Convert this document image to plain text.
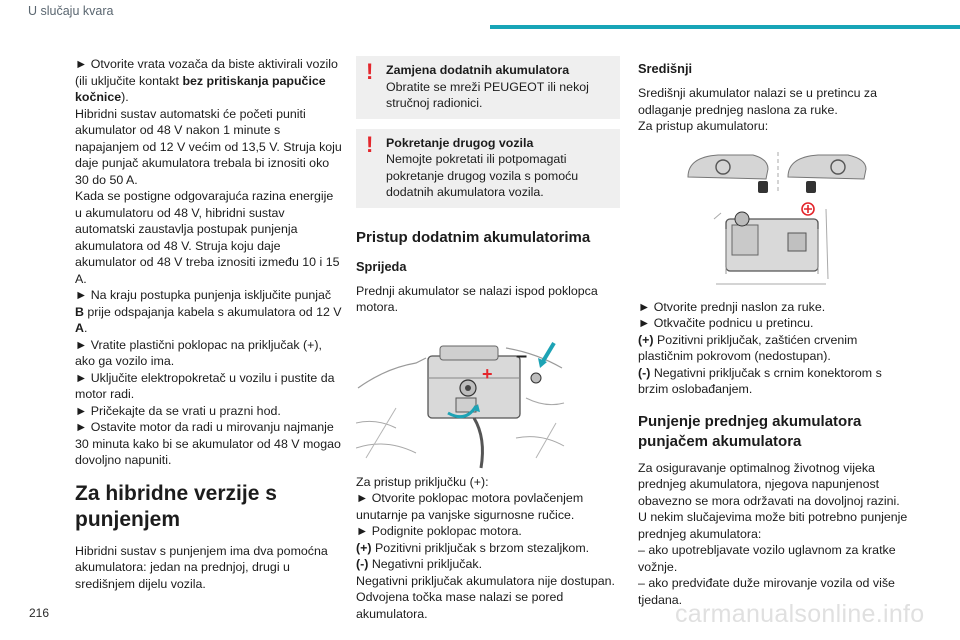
U slučaju kvara

► Otvorite vrata vozača da biste aktivirali vozilo (ili uključite kontakt bez pritiskanja papučice kočnice).

Hibridni sustav automatski će početi puniti akumulator od 48 V nakon 1 minute s napajanjem od 12 V većim od 13,5 V. Struja koju daje punjač akumulatora trebala bi iznositi oko 30 do 50 A.

Kada se postigne odgovarajuća razina energije u akumulatoru od 48 V, hibridni sustav automatski zaustavlja postupak punjenja akumulatora od 48 V. Struja koju daje akumulator od 48 V treba iznositi između 10 i 15 A.

► Na kraju postupka punjenja isključite punjač B prije odspajanja kabela s akumulatora od 12 V A.

► Vratite plastični poklopac na priključak (+), ako ga vozilo ima.

► Uključite elektropokretač u vozilu i pustite da motor radi.

► Pričekajte da se vrati u prazni hod.

► Ostavite motor da radi u mirovanju najmanje 30 minuta kako bi se akumulator od 48 V mogao dovoljno napuniti.

Za hibridne verzije s punjenjem

Hibridni sustav s punjenjem ima dva pomoćna akumulatora: jedan na prednjoj, drugi u središnjem dijelu vozila.

! Zamjena dodatnih akumulatora
Obratite se mreži PEUGEOT ili nekoj stručnoj radionici.
! Pokretanje drugog vozila
Nemojte pokretati ili potpomagati pokretanje drugog vozila s pomoću dodatnih akumulatora vozila.
Pristup dodatnim akumulatorima
Sprijeda

Prednji akumulator se nalazi ispod poklopca motora.

+
–

Za pristup priključku (+):

► Otvorite poklopac motora povlačenjem unutarnje pa vanjske sigurnosne ručice.

► Podignite poklopac motora.

(+) Pozitivni priključak s brzom stezaljkom.

(-) Negativni priključak.

Negativni priključak akumulatora nije dostupan.

Odvojena točka mase nalazi se pored akumulatora.

Središnji

Središnji akumulator nalazi se u pretincu za odlaganje prednjeg naslona za ruke.

Za pristup akumulatoru:

► Otvorite prednji naslon za ruke.

► Otkvačite podnicu u pretincu.

(+) Pozitivni priključak, zaštićen crvenim plastičnim pokrovom (nedostupan).

(-) Negativni priključak s crnim konektorom s brzim oslobađanjem.

Punjenje prednjeg akumulatora punjačem akumulatora

Za osiguravanje optimalnog životnog vijeka prednjeg akumulatora, njegova napunjenost obavezno se mora održavati na dovoljnoj razini.

U nekim slučajevima može biti potrebno punjenje prednjeg akumulatora:

– ako upotrebljavate vozilo uglavnom za kratke vožnje.

– ako predviđate duže mirovanje vozila od više tjedana.

216	carmanualsonline.info
